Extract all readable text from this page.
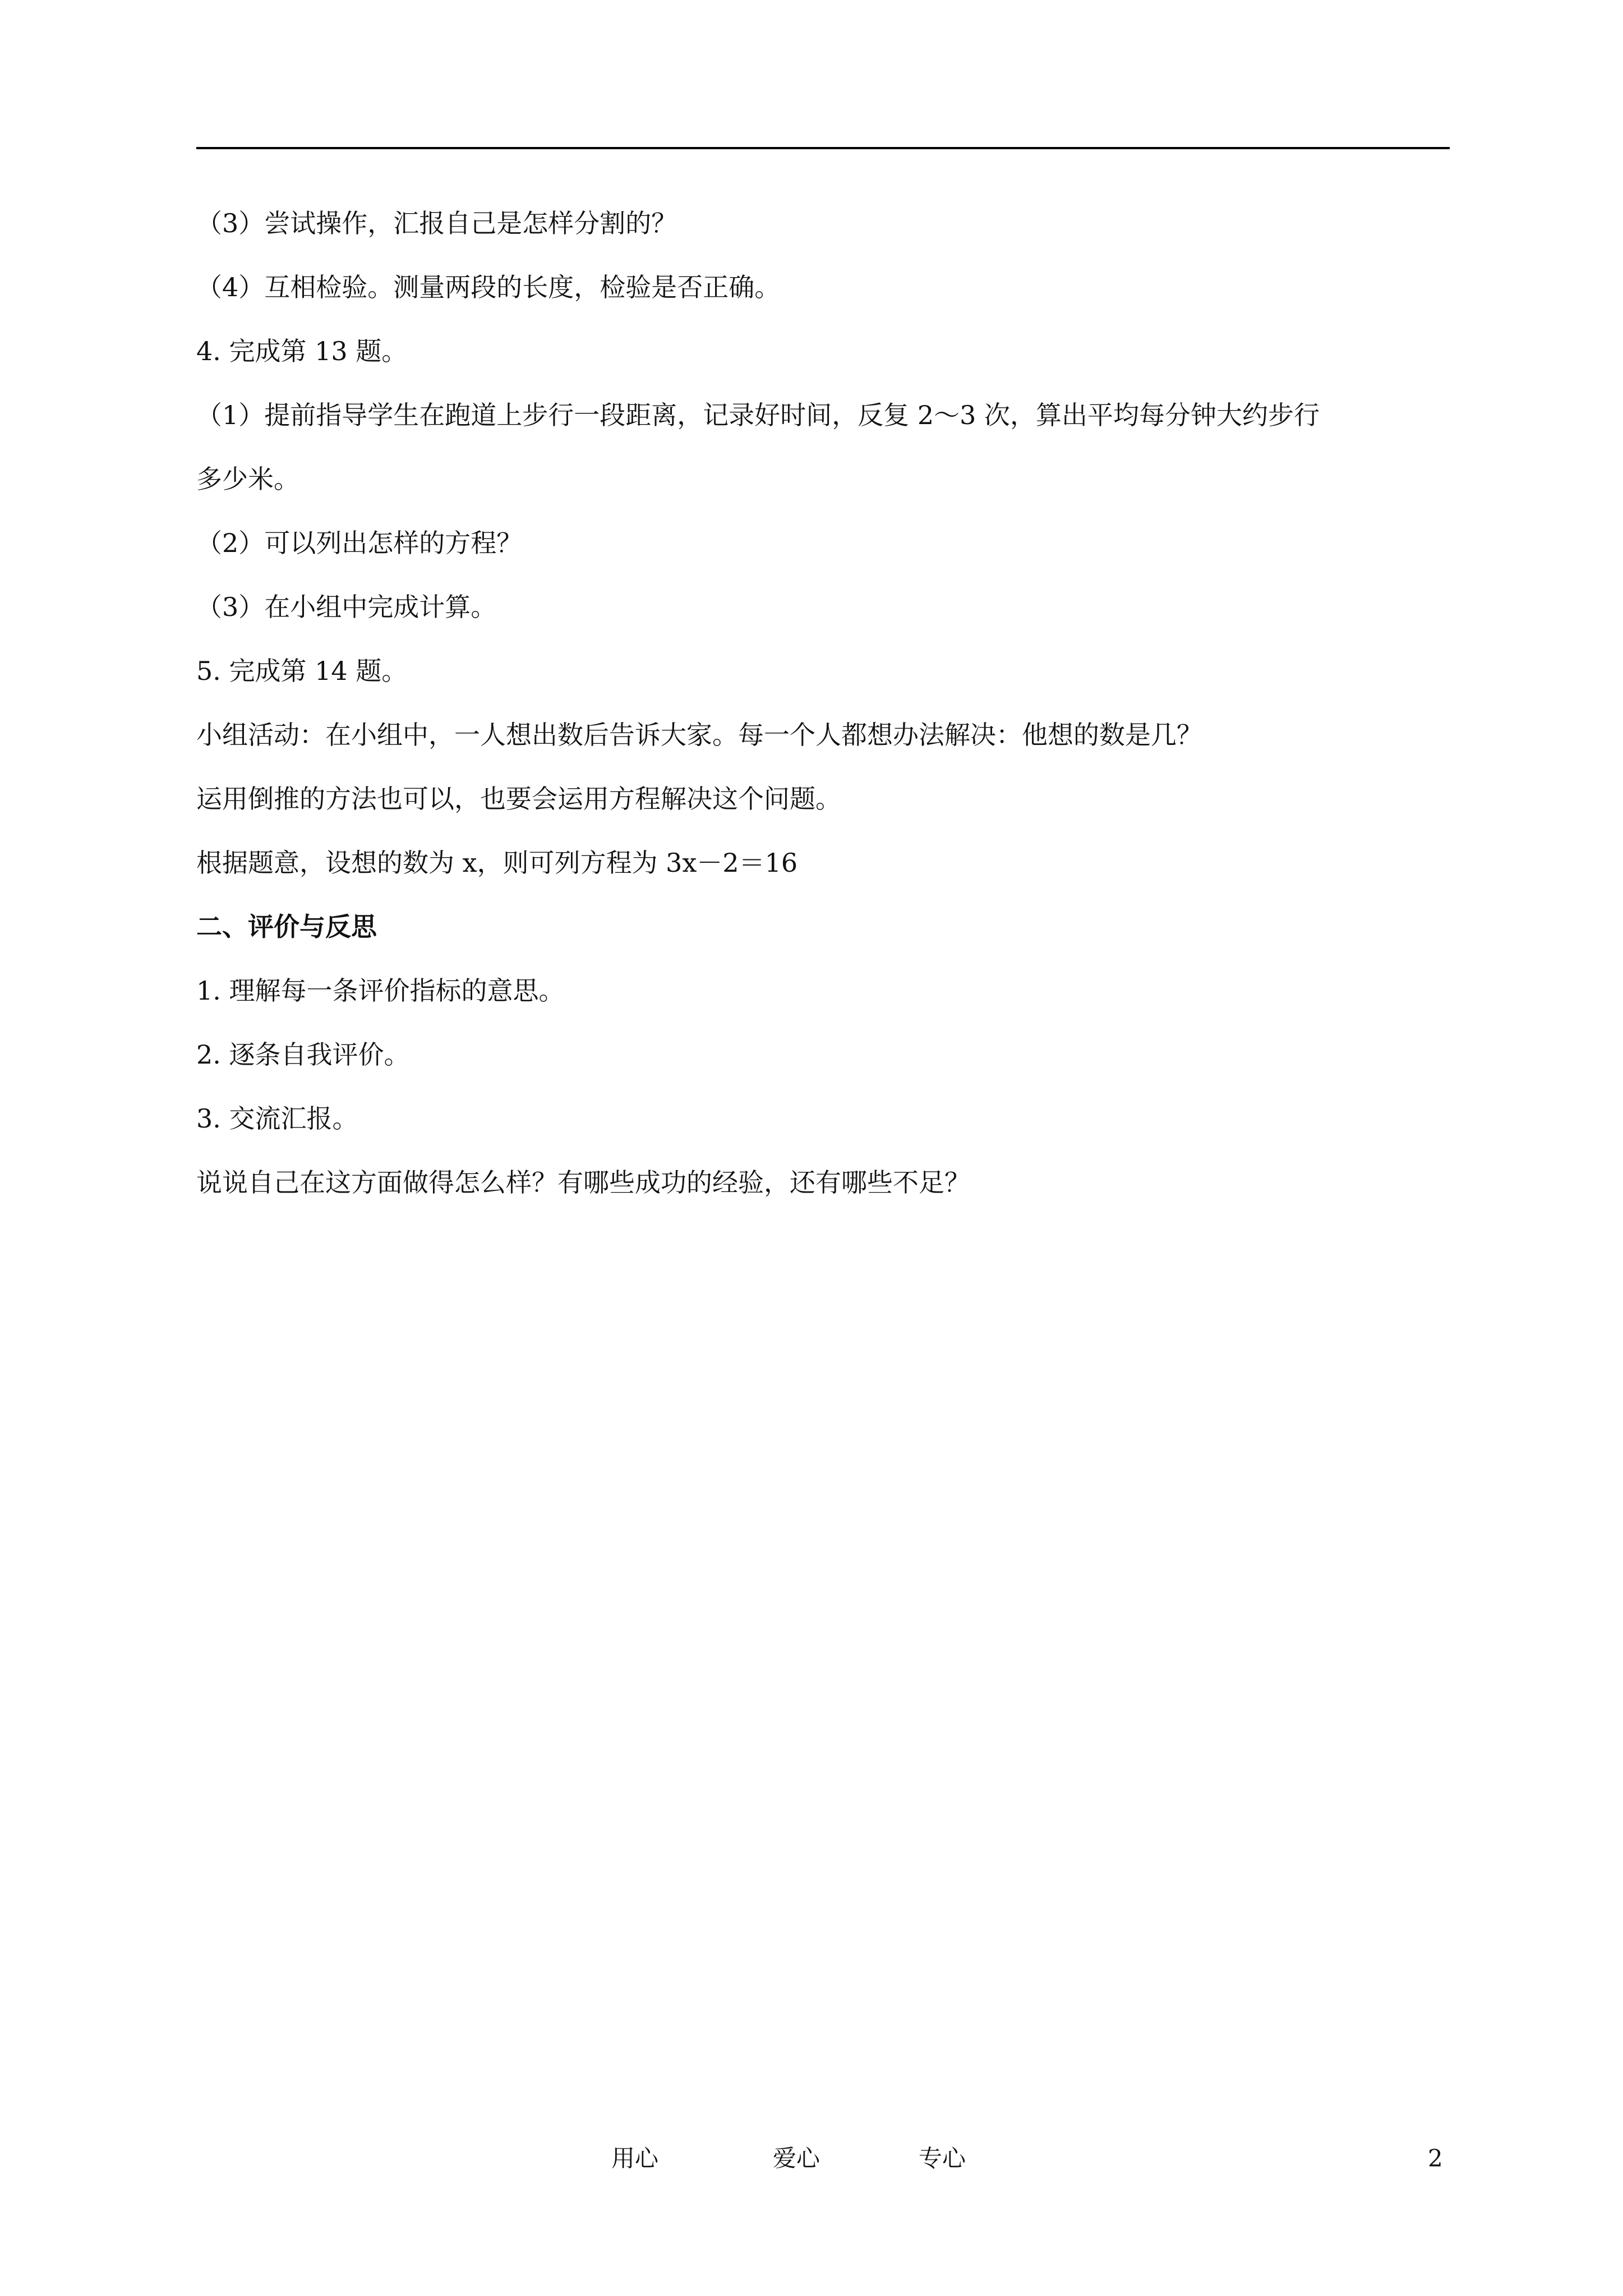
（3）尝试操作，汇报自己是怎样分割的？
（4）互相检验。测量两段的长度，检验是否正确。
4. 完成第 13 题。
（1）提前指导学生在跑道上步行一段距离，记录好时间，反复 2～3 次，算出平均每分钟大约步行
多少米。
（2）可以列出怎样的方程？
（3）在小组中完成计算。
5. 完成第 14 题。
小组活动：在小组中，一人想出数后告诉大家。每一个人都想办法解决：他想的数是几？
运用倒推的方法也可以，也要会运用方程解决这个问题。
根据题意，设想的数为 x，则可列方程为 3x－2＝16
二、评价与反思
1. 理解每一条评价指标的意思。
2. 逐条自我评价。
3. 交流汇报。
说说自己在这方面做得怎么样？有哪些成功的经验，还有哪些不足？
用心	爱心	专心	2
